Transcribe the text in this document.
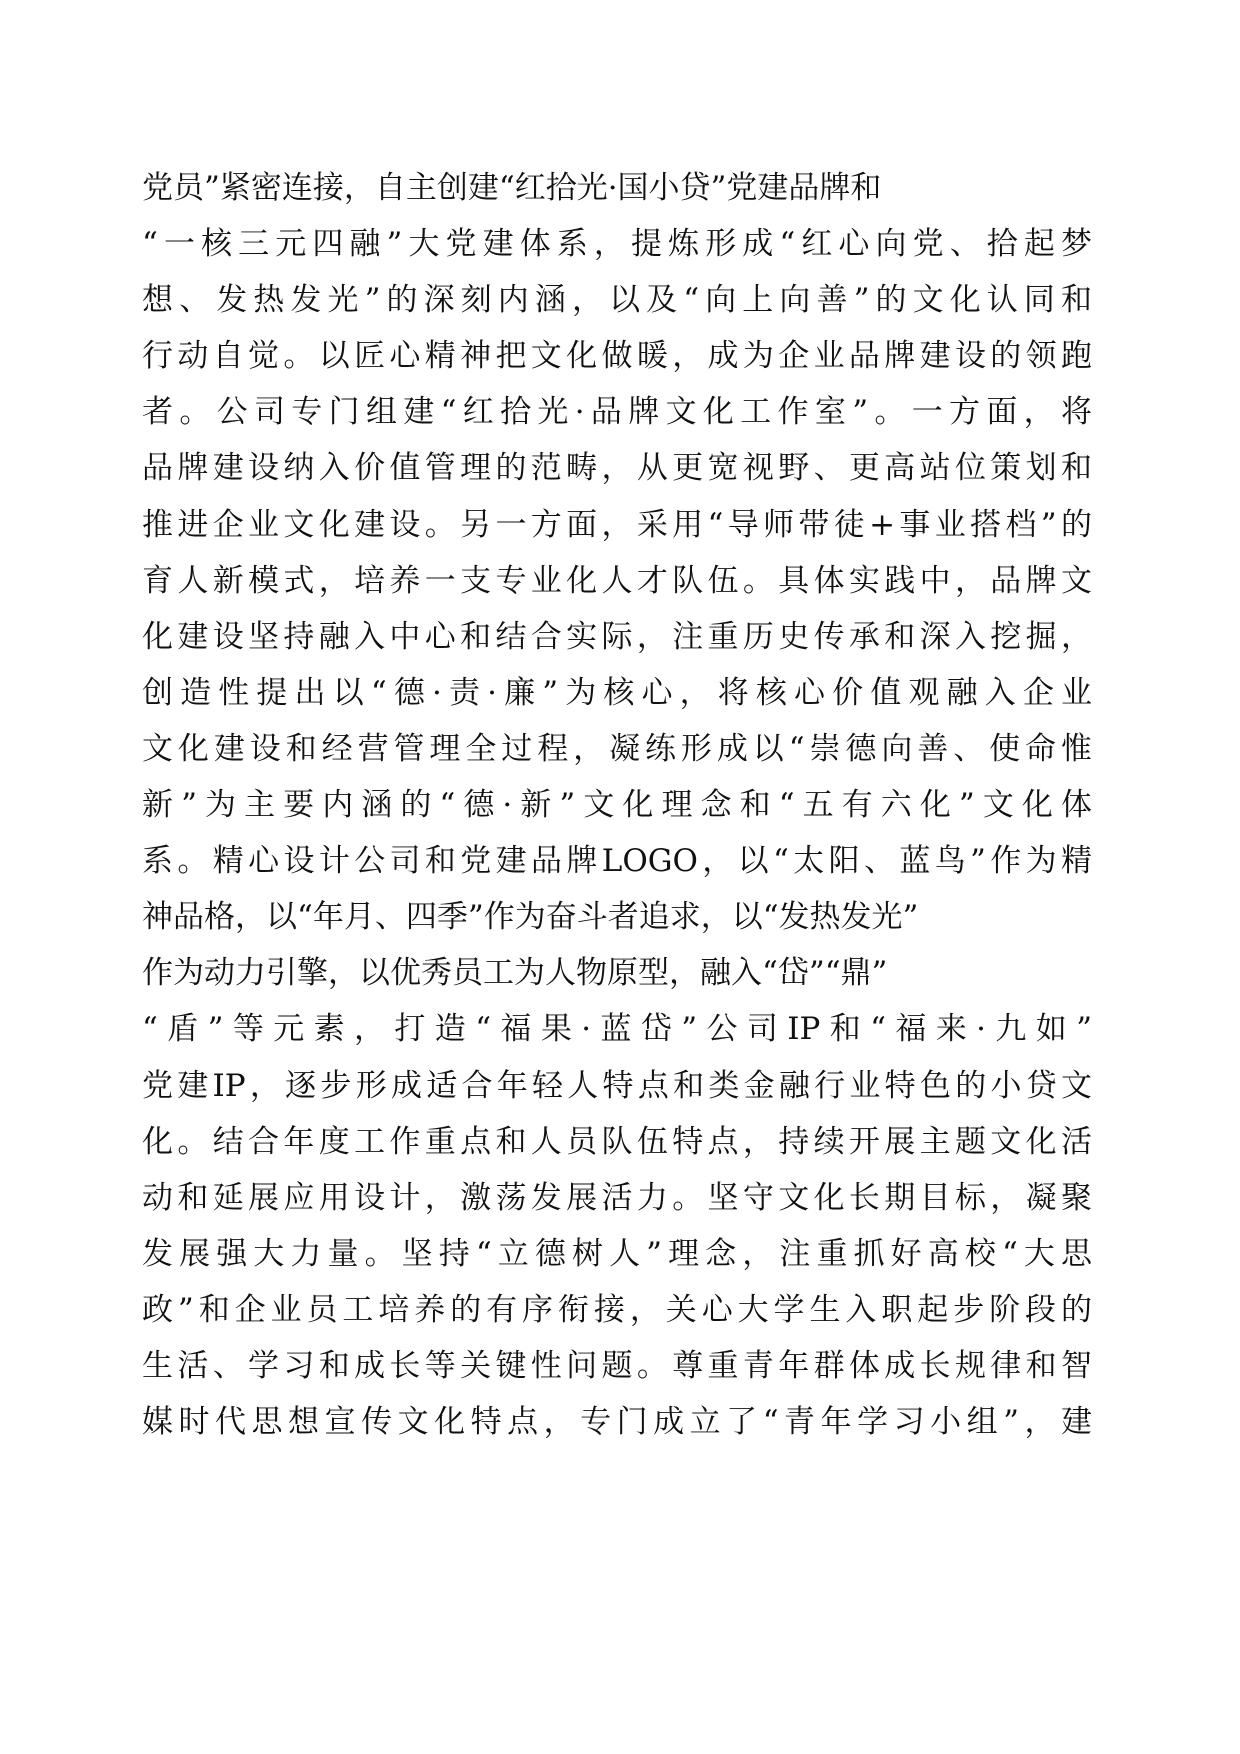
党员”紧密连接，自主创建“红拾光·国小贷”党建品牌和
“一核三元四融”大党建体系，提炼形成“红心向党、拾起梦
想、发热发光”的深刻内涵，以及“向上向善”的文化认同和
行动自觉。以匠心精神把文化做暖，成为企业品牌建设的领跑
者。公司专门组建“红拾光·品牌文化工作室”。一方面，将
品牌建设纳入价值管理的范畴，从更宽视野、更高站位策划和
推进企业文化建设。另一方面，采用“导师带徒+事业搭档”的
育人新模式，培养一支专业化人才队伍。具体实践中，品牌文
化建设坚持融入中心和结合实际，注重历史传承和深入挖掘，
创造性提出以“德·责·廉”为核心，将核心价值观融入企业
文化建设和经营管理全过程，凝练形成以“崇德向善、使命惟
新”为主要内涵的“德·新”文化理念和“五有六化”文化体
系。精心设计公司和党建品牌LOGO，以“太阳、蓝鸟”作为精
神品格，以“年月、四季”作为奋斗者追求，以“发热发光”
作为动力引擎，以优秀员工为人物原型，融入“岱”“鼎”
“盾”等元素，打造“福果·蓝岱”公司IP和“福来·九如”
党建IP，逐步形成适合年轻人特点和类金融行业特色的小贷文
化。结合年度工作重点和人员队伍特点，持续开展主题文化活
动和延展应用设计，激荡发展活力。坚守文化长期目标，凝聚
发展强大力量。坚持“立德树人”理念，注重抓好高校“大思
政”和企业员工培养的有序衔接，关心大学生入职起步阶段的
生活、学习和成长等关键性问题。尊重青年群体成长规律和智
媒时代思想宣传文化特点，专门成立了“青年学习小组”，建
